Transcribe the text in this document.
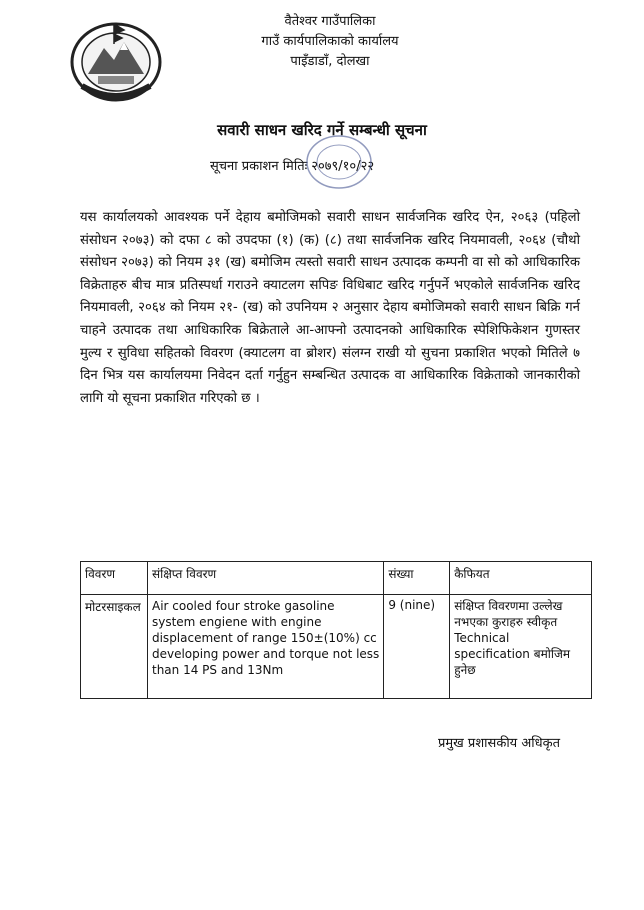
वैतेश्वर गाउँपालिका
गाउँ कार्यपालिकाको कार्यालय
पाइँडाडाँ, दोलखा
सवारी साधन खरिद गर्ने सम्बन्धी सूचना
सूचना प्रकाशन मितिः २०७९/१०/२२
यस कार्यालयको आवश्यक पर्ने देहाय बमोजिमको सवारी साधन सार्वजनिक खरिद ऐन, २०६३ (पहिलो संसोधन २०७३) को दफा ८ को उपदफा (१) (क) (८) तथा सार्वजनिक खरिद नियमावली, २०६४ (चौथो संसोधन २०७३) को नियम ३१ (ख) बमोजिम त्यस्तो सवारी साधन उत्पादक कम्पनी वा सो को आधिकारिक विक्रेताहरु बीच मात्र प्रतिस्पर्धा गराउने क्याटलग सपिङ विधिबाट खरिद गर्नुपर्ने भएकोले सार्वजनिक खरिद नियमावली, २०६४ को नियम २१- (ख) को उपनियम २ अनुसार देहाय बमोजिमको सवारी साधन बिक्रि गर्न चाहने उत्पादक तथा आधिकारिक बिक्रेताले आ-आफ्नो उत्पादनको आधिकारिक स्पेशिफिकेशन गुणस्तर मुल्य र सुविधा सहितको विवरण (क्याटलग वा ब्रोशर) संलग्न राखी यो सुचना प्रकाशित भएको मितिले ७ दिन भित्र यस कार्यालयमा निवेदन दर्ता गर्नुहुन सम्बन्धित उत्पादक वा आधिकारिक विक्रेताको जानकारीको लागि यो सूचना प्रकाशित गरिएको छ ।
विवरण	संक्षिप्त विवरण	संख्या	कैफियत
मोटरसाइकल	Air cooled four stroke gasoline system engiene with engine displacement of range 150±(10%) cc developing power and torque not less than 14 PS and 13Nm	9 (nine)	संक्षिप्त विवरणमा उल्लेख नभएका कुराहरु स्वीकृत Technical specification बमोजिम हुनेछ
प्रमुख प्रशासकीय अधिकृत
